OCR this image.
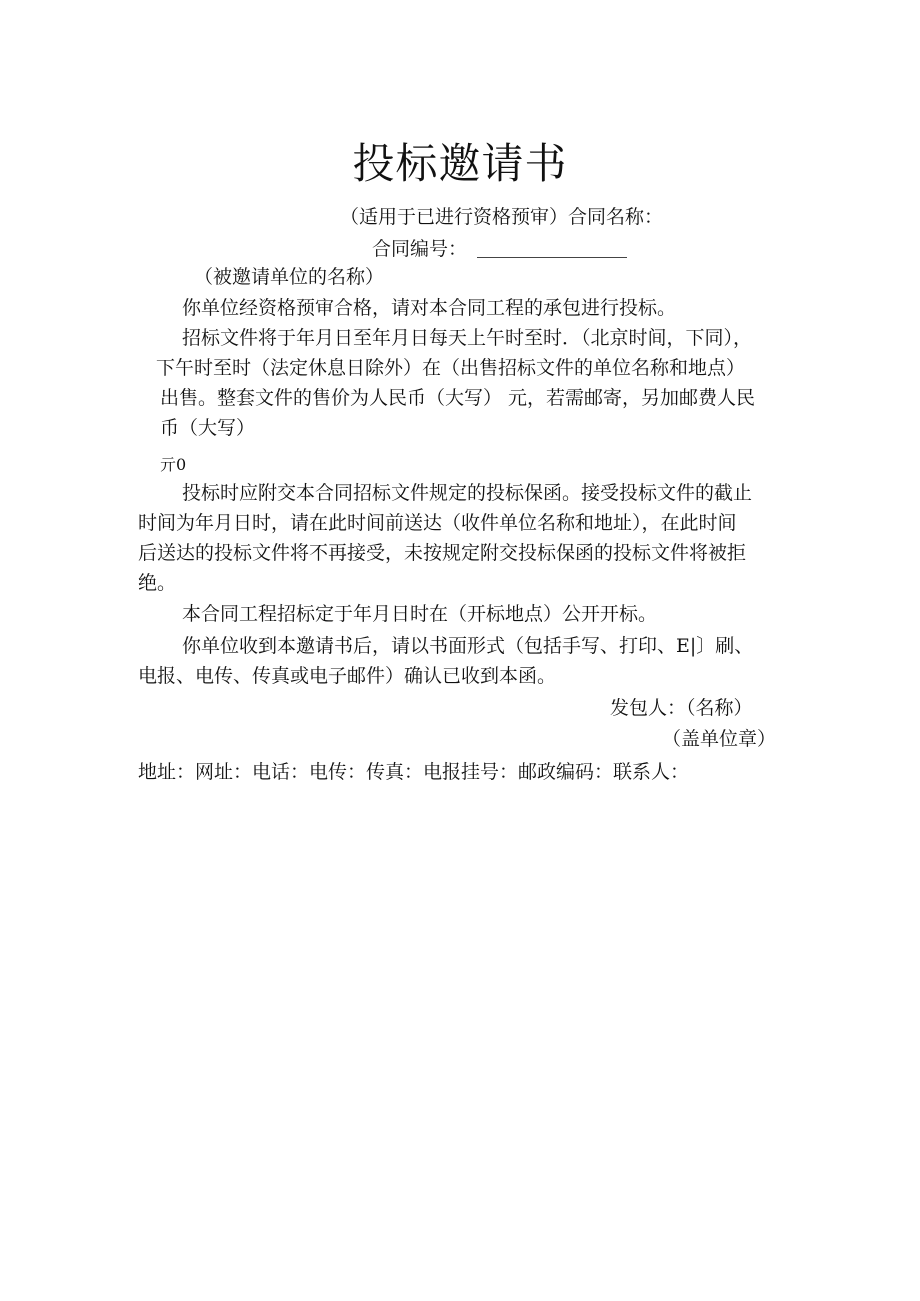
投标邀请书
（适用于已进行资格预审）合同名称：
合同编号：
（被邀请单位的名称）
你单位经资格预审合格，请对本合同工程的承包进行投标。
招标文件将于年月日至年月日每天上午时至时．（北京时间，下同），
下午时至时（法定休息日除外）在（出售招标文件的单位名称和地点）
出售。整套文件的售价为人民币（大写） 元，若需邮寄，另加邮费人民
币（大写）
亓0
投标时应附交本合同招标文件规定的投标保函。接受投标文件的截止
时间为年月日时，请在此时间前送达（收件单位名称和地址），在此时间
后送达的投标文件将不再接受，未按规定附交投标保函的投标文件将被拒
绝。
本合同工程招标定于年月日时在（开标地点）公开开标。
你单位收到本邀请书后，请以书面形式（包括手写、打印、E|〕刷、
电报、电传、传真或电子邮件）确认已收到本函。
发包人：（名称）
（盖单位章）
地址：网址：电话：电传：传真：电报挂号：邮政编码：联系人：
